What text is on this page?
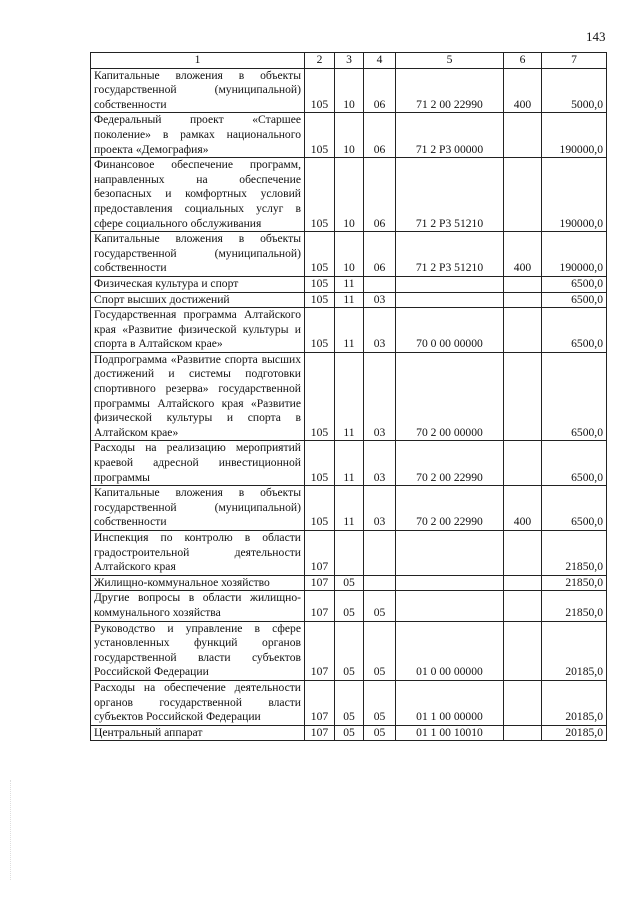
143
1	2	3	4	5	6	7
Капитальные вложения в объекты государственной (муниципальной) собственности	105	10	06	71 2 00 22990	400	5000,0
Федеральный проект «Старшее поколение» в рамках национального проекта «Демография»	105	10	06	71 2 P3 00000		190000,0
Финансовое обеспечение программ, направленных на обеспечение безопасных и комфортных условий предоставления социальных услуг в сфере социального обслуживания	105	10	06	71 2 P3 51210		190000,0
Капитальные вложения в объекты государственной (муниципальной) собственности	105	10	06	71 2 P3 51210	400	190000,0
Физическая культура и спорт	105	11				6500,0
Спорт высших достижений	105	11	03			6500,0
Государственная программа Алтайского края «Развитие физической культуры и спорта в Алтайском крае»	105	11	03	70 0 00 00000		6500,0
Подпрограмма «Развитие спорта высших достижений и системы подготовки спортивного резерва» государственной программы Алтайского края «Развитие физической культуры и спорта в Алтайском крае»	105	11	03	70 2 00 00000		6500,0
Расходы на реализацию мероприятий краевой адресной инвестиционной программы	105	11	03	70 2 00 22990		6500,0
Капитальные вложения в объекты государственной (муниципальной) собственности	105	11	03	70 2 00 22990	400	6500,0
Инспекция по контролю в области градостроительной деятельности Алтайского края	107					21850,0
Жилищно-коммунальное хозяйство	107	05				21850,0
Другие вопросы в области жилищно-коммунального хозяйства	107	05	05			21850,0
Руководство и управление в сфере установленных функций органов государственной власти субъектов Российской Федерации	107	05	05	01 0 00 00000		20185,0
Расходы на обеспечение деятельности органов государственной власти субъектов Российской Федерации	107	05	05	01 1 00 00000		20185,0
Центральный аппарат	107	05	05	01 1 00 10010		20185,0
